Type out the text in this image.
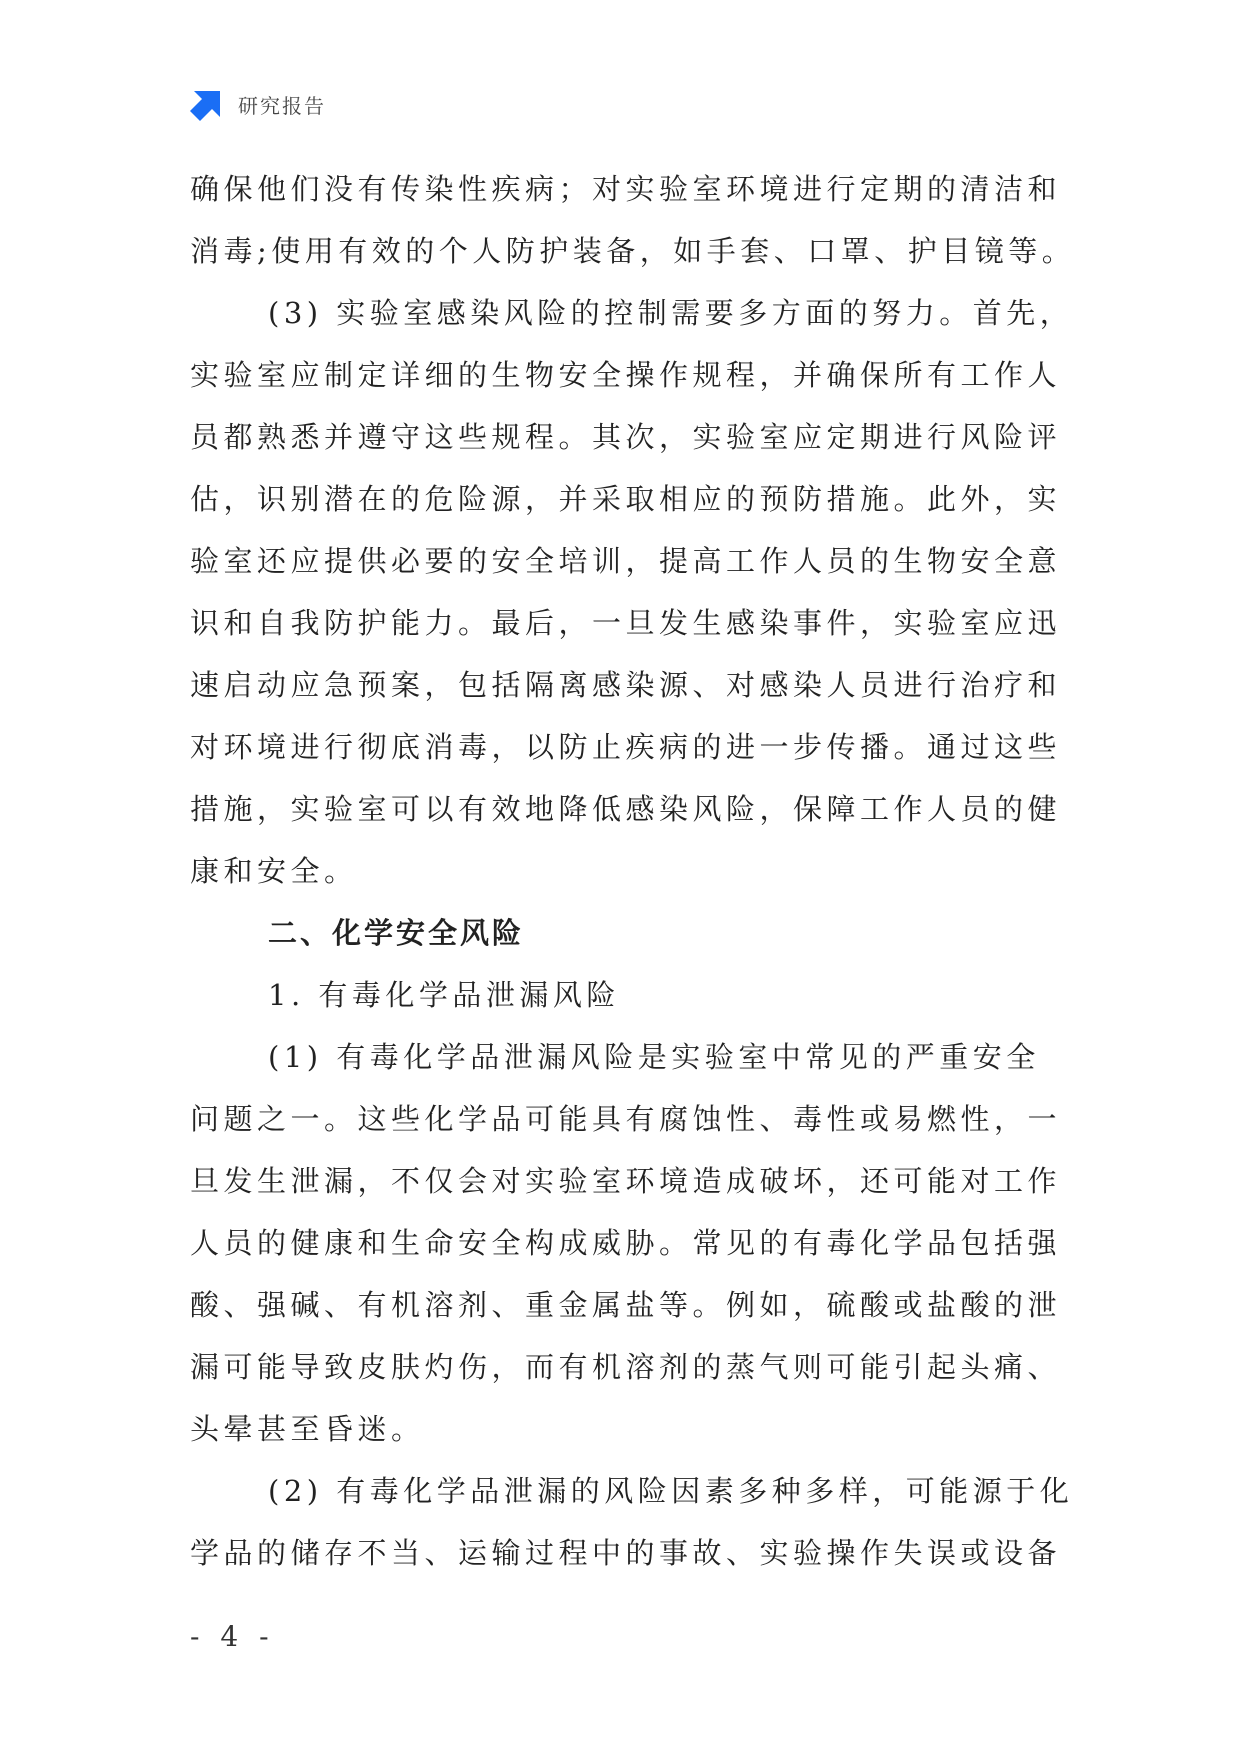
研究报告
确保他们没有传染性疾病；对实验室环境进行定期的清洁和
消毒;使用有效的个人防护装备，如手套、口罩、护目镜等。
(3) 实验室感染风险的控制需要多方面的努力。首先，
实验室应制定详细的生物安全操作规程，并确保所有工作人
员都熟悉并遵守这些规程。其次，实验室应定期进行风险评
估，识别潜在的危险源，并采取相应的预防措施。此外，实
验室还应提供必要的安全培训，提高工作人员的生物安全意
识和自我防护能力。最后，一旦发生感染事件，实验室应迅
速启动应急预案，包括隔离感染源、对感染人员进行治疗和
对环境进行彻底消毒，以防止疾病的进一步传播。通过这些
措施，实验室可以有效地降低感染风险，保障工作人员的健
康和安全。
二、化学安全风险
1. 有毒化学品泄漏风险
(1) 有毒化学品泄漏风险是实验室中常见的严重安全
问题之一。这些化学品可能具有腐蚀性、毒性或易燃性，一
旦发生泄漏，不仅会对实验室环境造成破坏，还可能对工作
人员的健康和生命安全构成威胁。常见的有毒化学品包括强
酸、强碱、有机溶剂、重金属盐等。例如，硫酸或盐酸的泄
漏可能导致皮肤灼伤，而有机溶剂的蒸气则可能引起头痛、
头晕甚至昏迷。
(2) 有毒化学品泄漏的风险因素多种多样，可能源于化
学品的储存不当、运输过程中的事故、实验操作失误或设备
- 4 -
